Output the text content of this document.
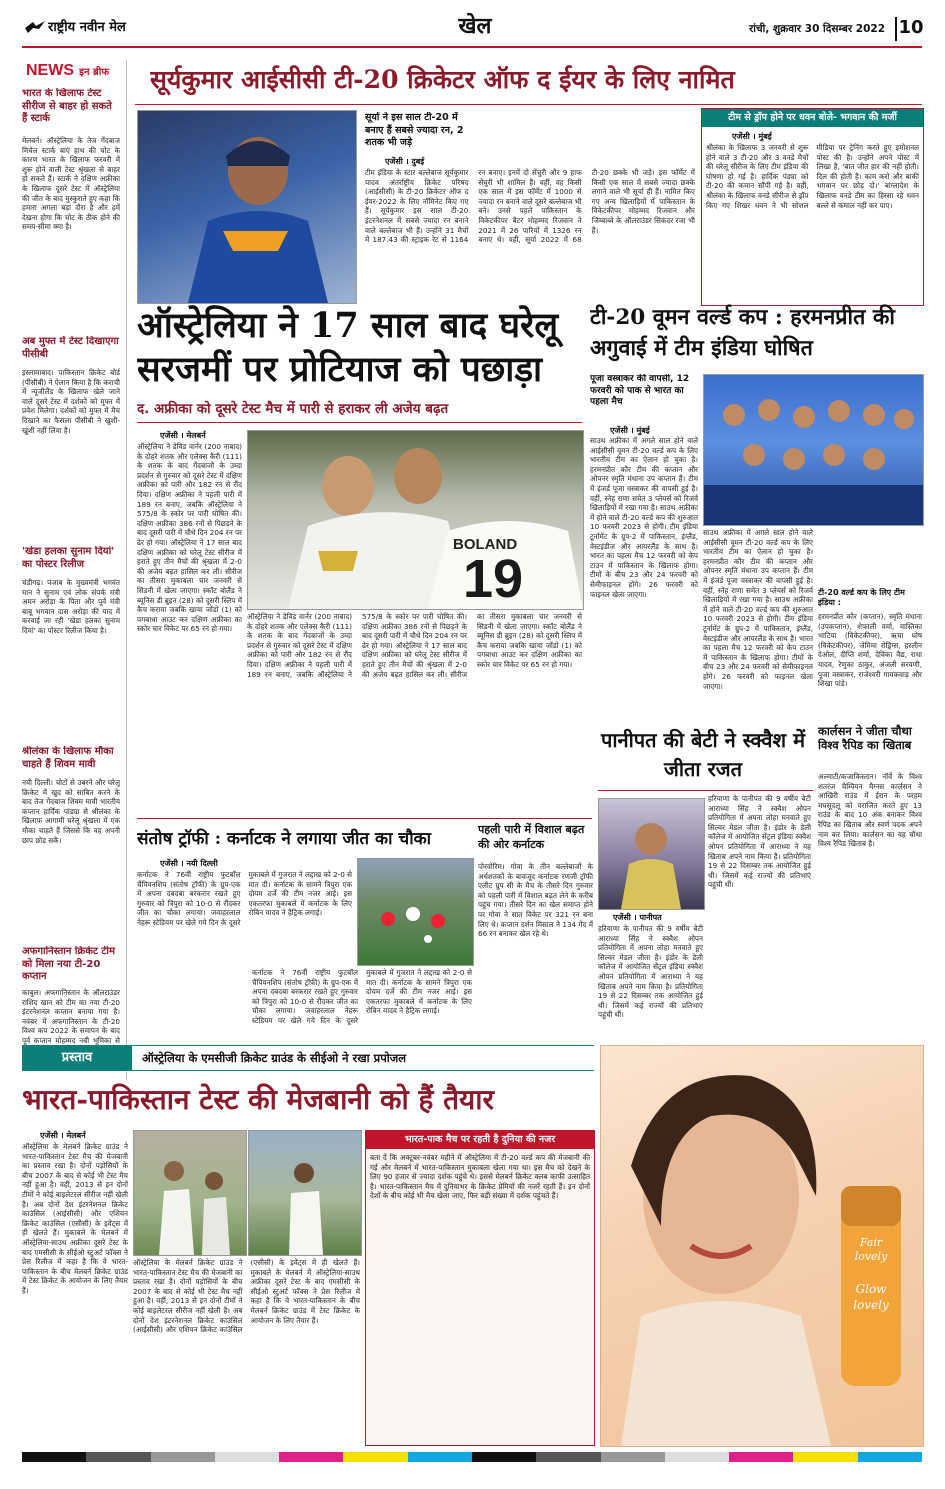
राष्ट्रीय नवीन मेल	खेल	रांची, शुक्रवार 30 दिसम्बर 2022 10
NEWS इन ब्रीफ
भारत के खिलाफ टेस्ट सीरीज से बाहर हो सकते हैं स्टार्क
मेलबर्न। ऑस्ट्रेलिया के तेज गेंदबाज मिचेल स्टार्क बाएं हाथ की चोट के कारण भारत के खिलाफ फरवरी में शुरू होने वाली टेस्ट श्रृंखला से बाहर हो सकते हैं। स्टार्क ने दक्षिण अफ्रीका के खिलाफ दूसरे टेस्ट में ऑस्ट्रेलिया की जीत के बाद मुस्कुराते हुए कहा कि हमारा अगला बड़ा दौरा है और हमें देखना होगा कि चोट के ठीक होने की समय-सीमा क्या है।
अब मुफ्त में टेस्ट दिखाएगा पीसीबी
इस्लामाबाद। पाकिस्तान क्रिकेट बोर्ड (पीसीबी) ने ऐलान किया है कि कराची में न्यूजीलैंड के खिलाफ खेले जाने वाले दूसरे टेस्ट में दर्शकों को मुफ्त में प्रवेश मिलेगा। दर्शकों को मुफ्त में मैच दिखाने का फैसला पीसीबी ने खुशी-खुशी नहीं लिया है।
'खेडा हलका सुनाम दियां' का पोस्टर रिलीज
चंडीगढ़। पंजाब के मुख्यमंत्री भगवंत मान ने सुनाम एवं लोक संपर्क मंत्री अमन अरोड़ा के पिता और पूर्व मंत्री बाबू भगवान दास अरोड़ा की याद में करवाई जा रही 'खेडा हलका सुनाम दियां' का पोस्टर रिलीज किया है।
श्रीलंका के खिलाफ मौका चाहते हैं शिवम मावी
नयी दिल्ली। चोटों से उबरने और घरेलू क्रिकेट में खुद को साबित करने के बाद तेज गेंदबाज शिवम मावी भारतीय कप्तान हार्दिक पांड्या से श्रीलंका के खिलाफ आगामी घरेलू श्रृंखला में एक मौका चाहते हैं जिससे कि वह अपनी छाप छोड़ सकें।
अफगानिस्तान क्रिकेट टीम को मिला नया टी-20 कप्तान
काबुल। अफगानिस्तान के ऑलराउंडर राशिद खान को टीम का नया टी-20 इंटरनेशनल कप्तान बनाया गया है। नवंबर में अफगानिस्तान के टी-20 विश्व कप 2022 के समापन के बाद पूर्व कप्तान मोहम्मद नबी भूमिका से
सूर्यकुमार आईसीसी टी-20 क्रिकेटर ऑफ द ईयर के लिए नामित
सूर्या ने इस साल टी-20 में बनाए हैं सबसे ज्यादा रन, 2 शतक भी जड़े
एजेंसी । दुबई
टीम इंडिया के स्टार बल्लेबाज सूर्यकुमार यादव अंतर्राष्ट्रीय क्रिकेट परिषद (आईसीसी) के टी-20 क्रिकेटर ऑफ द ईयर-2022 के लिए नॉमिनेट किए गए हैं। सूर्यकुमार इस साल टी-20 इंटरनेशनल में सबसे ज्यादा रन बनाने वाले बल्लेबाज भी हैं। उन्होंने 31 मैचों में 187.43 की स्ट्राइक रेट से 1164 रन बनाए। इनमें दो सेंचुरी और 9 हाफ सेंचुरी भी शामिल हैं। वहीं, वह किसी एक साल में इस फॉर्मेट में 1000 से ज्यादा रन बनाने वाले दूसरे बल्लेबाज भी बने। उनसे पहले पाकिस्तान के विकेटकीपर बैटर मोहम्मद रिजवान ने 2021 में 26 पारियों में 1326 रन बनाए थे। वहीं, सूर्या 2022 में 68 टी-20 छक्के भी जड़े। इस फॉर्मेट में किसी एक साल में सबसे ज्यादा छक्के लगाने वाले भी सूर्या ही हैं। नामित किए गए अन्य खिलाड़ियों में पाकिस्तान के विकेटकीपर मोहम्मद रिजवान और जिम्बाब्वे के ऑलराउंडर सिकंदर रजा भी हैं।
टीम से ड्रॉप होने पर धवन बोले- भगवान की मर्जी
एजेंसी । मुंबई
श्रीलंका के खिलाफ 3 जनवरी से शुरू होने वाले 3 टी-20 और 3 वनडे मैचों की घरेलू सीरीज के लिए टीम इंडिया की घोषणा हो गई है। हार्दिक पंड्या को टी-20 की कमान सौंपी गई है। वहीं, श्रीलंका के खिलाफ वनडे सीरीज से ड्रॉप किए गए शिखर धवन ने भी सोशल मीडिया पर ट्रेनिंग करते हुए इमोशनल पोस्ट की है। उन्होंने अपने पोस्ट में लिखा है, 'बात जीत हार की नहीं होती। दिल की होती है। काम करो और बाकी भगवान पर छोड़ दो।' बांग्लादेश के खिलाफ वनडे टीम का हिस्सा रहे धवन बल्ले से कमाल नहीं कर पाए।
ऑस्ट्रेलिया ने 17 साल बाद घरेलू सरजमीं पर प्रोटियाज को पछाड़ा
द. अफ्रीका को दूसरे टेस्ट मैच में पारी से हराकर ली अजेय बढ़त
एजेंसी । मेलबर्न
ऑस्ट्रेलिया ने डेविड वार्नर (200 नाबाद) के दोहरे शतक और एलेक्स कैरी (111) के शतक के बाद गेंदबाजों के उम्दा प्रदर्शन से गुरुवार को दूसरे टेस्ट में दक्षिण अफ्रीका को पारी और 182 रन से रौंद दिया। दक्षिण अफ्रीका ने पहली पारी में 189 रन बनाए, जबकि ऑस्ट्रेलिया ने 575/8 के स्कोर पर पारी घोषित की। दक्षिण अफ्रीका 386 रनों से पिछड़ने के बाद दूसरी पारी में चौथे दिन 204 रन पर ढेर हो गया। ऑस्ट्रेलिया ने 17 साल बाद दक्षिण अफ्रीका को घरेलू टेस्ट सीरीज में हराते हुए तीन मैचों की श्रृंखला में 2-0 की अजेय बढ़त हासिल कर ली। सीरीज का तीसरा मुकाबला चार जनवरी से सिडनी में खेला जाएगा। स्कॉट बोलैंड ने ब्यूनिस डी ब्रुइन (28) को दूसरी स्लिप में कैच कराया जबकि खाया जोंडो (1) को पगबाधा आउट कर दक्षिण अफ्रीका का स्कोर चार विकेट पर 65 रन हो गया।
BOLAND
19
ऑस्ट्रेलिया ने डेविड वार्नर (200 नाबाद) के दोहरे शतक और एलेक्स कैरी (111) के शतक के बाद गेंदबाजों के उम्दा प्रदर्शन से गुरुवार को दूसरे टेस्ट में दक्षिण अफ्रीका को पारी और 182 रन से रौंद दिया। दक्षिण अफ्रीका ने पहली पारी में 189 रन बनाए, जबकि ऑस्ट्रेलिया ने 575/8 के स्कोर पर पारी घोषित की। दक्षिण अफ्रीका 386 रनों से पिछड़ने के बाद दूसरी पारी में चौथे दिन 204 रन पर ढेर हो गया। ऑस्ट्रेलिया ने 17 साल बाद दक्षिण अफ्रीका को घरेलू टेस्ट सीरीज में हराते हुए तीन मैचों की श्रृंखला में 2-0 की अजेय बढ़त हासिल कर ली। सीरीज का तीसरा मुकाबला चार जनवरी से सिडनी में खेला जाएगा। स्कॉट बोलैंड ने ब्यूनिस डी ब्रुइन (28) को दूसरी स्लिप में कैच कराया जबकि खाया जोंडो (1) को पगबाधा आउट कर दक्षिण अफ्रीका का स्कोर चार विकेट पर 65 रन हो गया।
टी-20 वूमन वर्ल्ड कप : हरमनप्रीत की अगुवाई में टीम इंडिया घोषित
पूजा वस्त्राकर की वापसी, 12 फरवरी को पाक से भारत का पहला मैच
एजेंसी । मुंबई
साउथ अफ्रीका में अगले साल होने वाले आईसीसी वूमन टी-20 वर्ल्ड कप के लिए भारतीय टीम का ऐलान हो चुका है। हरमनप्रीत कौर टीम की कप्तान और ओपनर स्मृति मंधाना उप कप्तान हैं। टीम में इंजर्ड पूजा वस्त्राकर की वापसी हुई है। वहीं, स्नेह राणा समेत 3 प्लेयर्स को रिजर्व खिलाड़ियों में रखा गया है। साउथ अफ्रीका में होने वाले टी-20 वर्ल्ड कप की शुरुआत 10 फरवरी 2023 से होगी। टीम इंडिया टूर्नामेंट के ग्रुप-2 में पाकिस्तान, इंग्लैंड, वेस्टइंडीज और आयरलैंड के साथ है। भारत का पहला मैच 12 फरवरी को केप टाउन में पाकिस्तान के खिलाफ होगा। टीमों के बीच 23 और 24 फरवरी को सेमीफाइनल होंगे। 26 फरवरी को फाइनल खेला जाएगा।
साउथ अफ्रीका में अगले साल होने वाले आईसीसी वूमन टी-20 वर्ल्ड कप के लिए भारतीय टीम का ऐलान हो चुका है। हरमनप्रीत कौर टीम की कप्तान और ओपनर स्मृति मंधाना उप कप्तान हैं। टीम में इंजर्ड पूजा वस्त्राकर की वापसी हुई है। वहीं, स्नेह राणा समेत 3 प्लेयर्स को रिजर्व खिलाड़ियों में रखा गया है। साउथ अफ्रीका में होने वाले टी-20 वर्ल्ड कप की शुरुआत 10 फरवरी 2023 से होगी। टीम इंडिया टूर्नामेंट के ग्रुप-2 में पाकिस्तान, इंग्लैंड, वेस्टइंडीज और आयरलैंड के साथ है। भारत का पहला मैच 12 फरवरी को केप टाउन में पाकिस्तान के खिलाफ होगा। टीमों के बीच 23 और 24 फरवरी को सेमीफाइनल होंगे। 26 फरवरी को फाइनल खेला जाएगा।
टी-20 वर्ल्ड कप के लिए टीम इंडिया :
हरमनप्रीत कौर (कप्तान), स्मृति मंधाना (उपकप्तान), शेफाली वर्मा, यास्तिका भाटिया (विकेटकीपर), ऋचा घोष (विकेटकीपर), जेमिमा रोड्रिग्स, हरलीन देओल, दीप्ति शर्मा, देविका वैद्य, राधा यादव, रेणुका ठाकुर, अंजली सरवणी, पूजा वस्त्राकर, राजेश्वरी गायकवाड़ और शिखा पांडे।
पानीपत की बेटी ने स्क्वैश में जीता रजत
एजेंसी । पानीपत
हरियाणा के पानीपत की 9 वर्षीय बेटी आराध्या सिंह ने स्क्वैश ओपन प्रतियोगिता में अपना लोहा मनवाते हुए सिल्वर मेडल जीता है। इंडोर के डेली कॉलेज में आयोजित सेंट्रल इंडिया स्क्वैश ओपन प्रतियोगिता में आराध्या ने यह खिताब अपने नाम किया है। प्रतियोगिता 19 से 22 दिसम्बर तक आयोजित हुई थी। जिसमें कई राज्यों की प्रतिभाएं पहुंची थीं।
हरियाणा के पानीपत की 9 वर्षीय बेटी आराध्या सिंह ने स्क्वैश ओपन प्रतियोगिता में अपना लोहा मनवाते हुए सिल्वर मेडल जीता है। इंडोर के डेली कॉलेज में आयोजित सेंट्रल इंडिया स्क्वैश ओपन प्रतियोगिता में आराध्या ने यह खिताब अपने नाम किया है। प्रतियोगिता 19 से 22 दिसम्बर तक आयोजित हुई थी। जिसमें कई राज्यों की प्रतिभाएं पहुंची थीं।
कार्लसन ने जीता चौथा विश्व रैपिड का खिताब
अल्माटी/कजाकिस्तान। नॉर्वे के विश्व शतरंज चैम्पियन मैग्नस कार्लसन ने आखिरी राउंड में ईरान के परहम मघसूदलू को पराजित करते हुए 13 राउंड के बाद 10 अंक बनाकर विश्व रैपिड का खिताब और स्वर्ण पदक अपने नाम कर लिया। कार्लसन का यह चौथा विश्व रैपिड खिताब है।
संतोष ट्रॉफी : कर्नाटक ने लगाया जीत का चौका
एजेंसी । नयी दिल्ली
कर्नाटक ने 76वीं राष्ट्रीय फुटबॉल चैंपियनशिप (संतोष ट्रॉफी) के ग्रुप-एक में अपना दबदबा बरकरार रखते हुए गुरुवार को त्रिपुरा को 10-0 से रौंदकर जीत का चौका लगाया। जवाहरलाल नेहरू स्टेडियम पर खेले गये दिन के दूसरे मुकाबले में गुजरात ने लद्दाख को 2-0 से मात दी। कर्नाटक के सामने त्रिपुरा एक दोयम दर्जे की टीम नजर आई। इस एकतरफा मुकाबले में कर्नाटक के लिए रोबिन यादव ने हैट्रिक लगाई।
कर्नाटक ने 76वीं राष्ट्रीय फुटबॉल चैंपियनशिप (संतोष ट्रॉफी) के ग्रुप-एक में अपना दबदबा बरकरार रखते हुए गुरुवार को त्रिपुरा को 10-0 से रौंदकर जीत का चौका लगाया। जवाहरलाल नेहरू स्टेडियम पर खेले गये दिन के दूसरे मुकाबले में गुजरात ने लद्दाख को 2-0 से मात दी। कर्नाटक के सामने त्रिपुरा एक दोयम दर्जे की टीम नजर आई। इस एकतरफा मुकाबले में कर्नाटक के लिए रोबिन यादव ने हैट्रिक लगाई।
पहली पारी में विशाल बढ़त की ओर कर्नाटक
पोरवोरिम। गोवा के तीन बल्लेबाजों के अर्धशतकों के बावजूद कर्नाटक रणजी ट्रॉफी एलीट ग्रुप सी के मैच के तीसरे दिन गुरुवार को पहली पारी में विशाल बढ़त लेने के करीब पहुंच गया। तीसरे दिन का खेल समाप्त होने पर गोवा ने सात विकेट पर 321 रन बना लिए थे। कप्तान दर्शन मिसाल ने 134 गेंद में 66 रन बनाकर खेल रहे थे।
प्रस्ताव	ऑस्ट्रेलिया के एमसीजी क्रिकेट ग्राउंड के सीईओ ने रखा प्रपोजल
भारत-पाकिस्तान टेस्ट की मेजबानी को हैं तैयार
एजेंसी । मेलबर्न
ऑस्ट्रेलिया के मेलबर्न क्रिकेट ग्राउंड ने भारत-पाकिस्तान टेस्ट मैच की मेजबानी का प्रस्ताव रखा है। दोनों पड़ोसियों के बीच 2007 के बाद से कोई भी टेस्ट मैच नहीं हुआ है। वहीं, 2013 से इन दोनों टीमों ने कोई बाइलेटरल सीरीज नहीं खेली है। अब दोनों देश इंटरनेशनल क्रिकेट काउंसिल (आईसीसी) और एशियन क्रिकेट काउंसिल (एसीसी) के इवेंट्स में ही खेलते हैं। मुकाबले के मेलबर्न में ऑस्ट्रेलिया-साउथ अफ्रीका दूसरे टेस्ट के बाद एमसीसी के सीईओ स्टुअर्ट फॉक्स ने प्रेस रिलीज में कहा है कि वे भारत-पाकिस्तान के बीच मेलबर्न क्रिकेट ग्राउंड में टेस्ट क्रिकेट के आयोजन के लिए तैयार हैं।
ऑस्ट्रेलिया के मेलबर्न क्रिकेट ग्राउंड ने भारत-पाकिस्तान टेस्ट मैच की मेजबानी का प्रस्ताव रखा है। दोनों पड़ोसियों के बीच 2007 के बाद से कोई भी टेस्ट मैच नहीं हुआ है। वहीं, 2013 से इन दोनों टीमों ने कोई बाइलेटरल सीरीज नहीं खेली है। अब दोनों देश इंटरनेशनल क्रिकेट काउंसिल (आईसीसी) और एशियन क्रिकेट काउंसिल (एसीसी) के इवेंट्स में ही खेलते हैं। मुकाबले के मेलबर्न में ऑस्ट्रेलिया-साउथ अफ्रीका दूसरे टेस्ट के बाद एमसीसी के सीईओ स्टुअर्ट फॉक्स ने प्रेस रिलीज में कहा है कि वे भारत-पाकिस्तान के बीच मेलबर्न क्रिकेट ग्राउंड में टेस्ट क्रिकेट के आयोजन के लिए तैयार हैं।
भारत-पाक मैच पर रहती है दुनिया की नजर
बता दें कि अक्टूबर-नवंबर महीने में ऑस्ट्रेलिया में टी-20 वर्ल्ड कप की मेजबानी की गई और मेलबर्न में भारत-पाकिस्तान मुकाबला खेला गया था। इस मैच को देखने के लिए 90 हजार से ज्यादा दर्शक पहुंचे थे। इससे मेलबर्न क्रिकेट क्लब काफी उत्साहित है। भारत-पाकिस्तान मैच में दुनियाभर के क्रिकेट प्रेमियों की नजरें रहती हैं। इन दोनों देशों के बीच कोई भी मैच खेला जाए, फिर बड़ी संख्या में दर्शक पहुंचते हैं।
Fair
lovely
Glow
lovely
